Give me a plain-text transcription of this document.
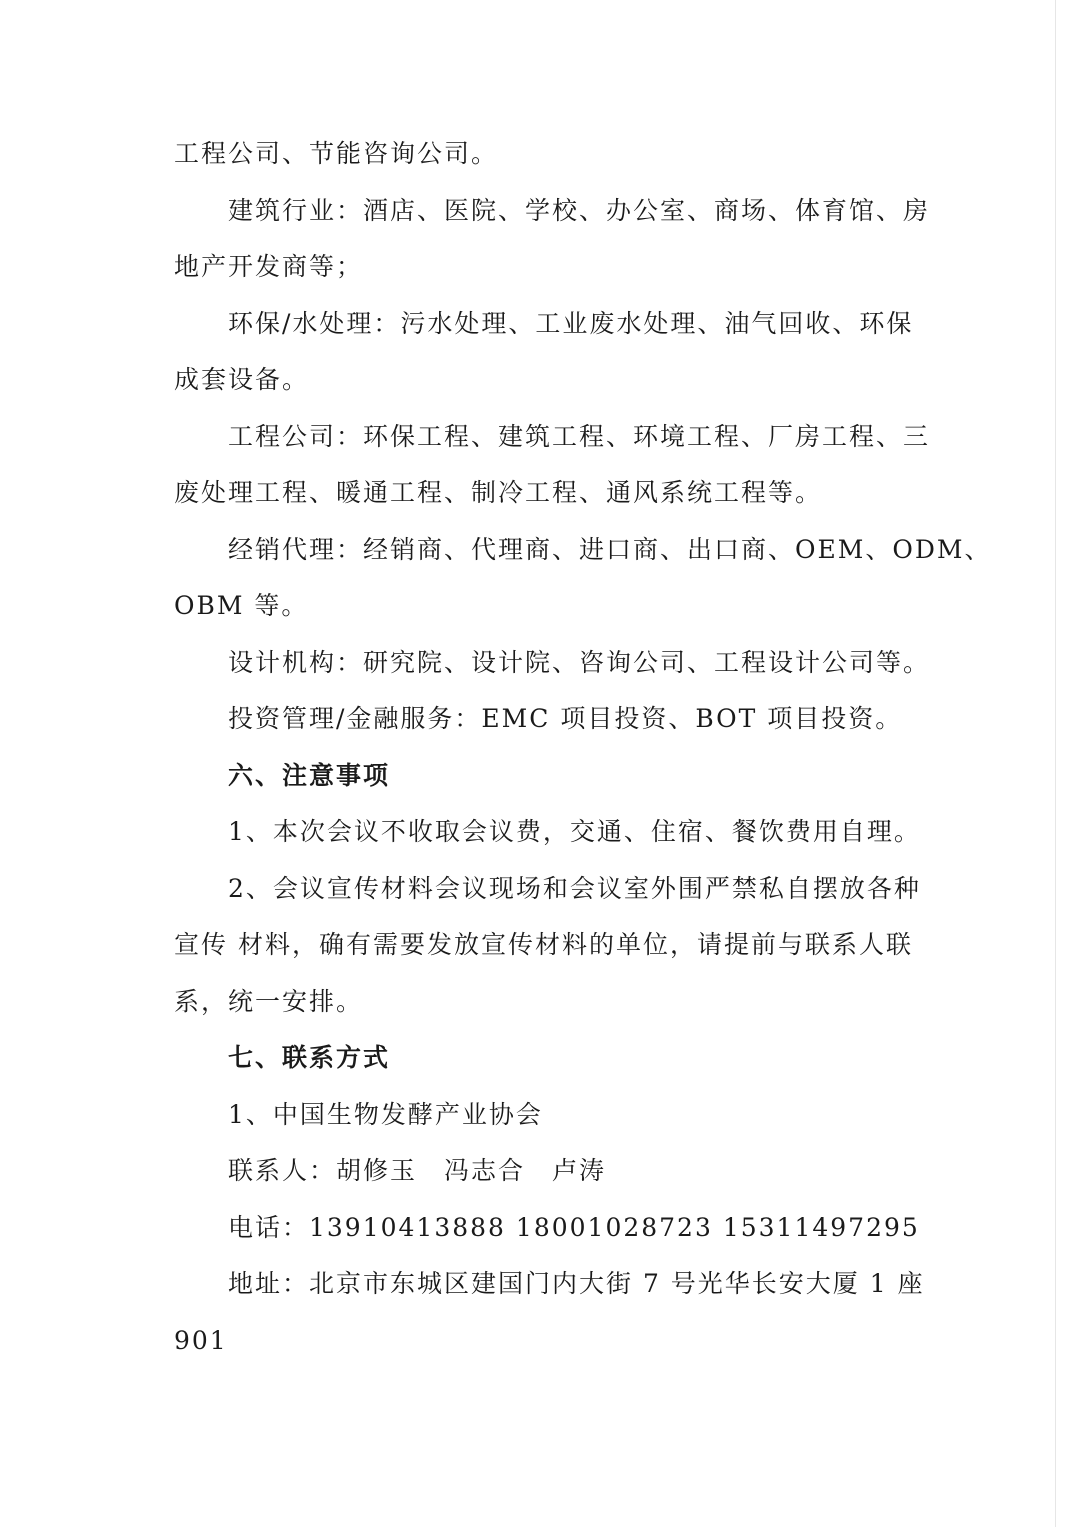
工程公司、节能咨询公司。
建筑行业：酒店、医院、学校、办公室、商场、体育馆、房
地产开发商等；
环保/水处理：污水处理、工业废水处理、油气回收、环保
成套设备。
工程公司：环保工程、建筑工程、环境工程、厂房工程、三
废处理工程、暖通工程、制冷工程、通风系统工程等。
经销代理：经销商、代理商、进口商、出口商、OEM、ODM、
OBM 等。
设计机构：研究院、设计院、咨询公司、工程设计公司等。
投资管理/金融服务：EMC 项目投资、BOT 项目投资。
六、注意事项
1、本次会议不收取会议费，交通、住宿、餐饮费用自理。
2、会议宣传材料会议现场和会议室外围严禁私自摆放各种
宣传 材料，确有需要发放宣传材料的单位，请提前与联系人联
系，统一安排。
七、联系方式
1、中国生物发酵产业协会
联系人：胡修玉　冯志合　卢涛
电话：13910413888 18001028723 15311497295
地址：北京市东城区建国门内大街 7 号光华长安大厦 1 座
901
